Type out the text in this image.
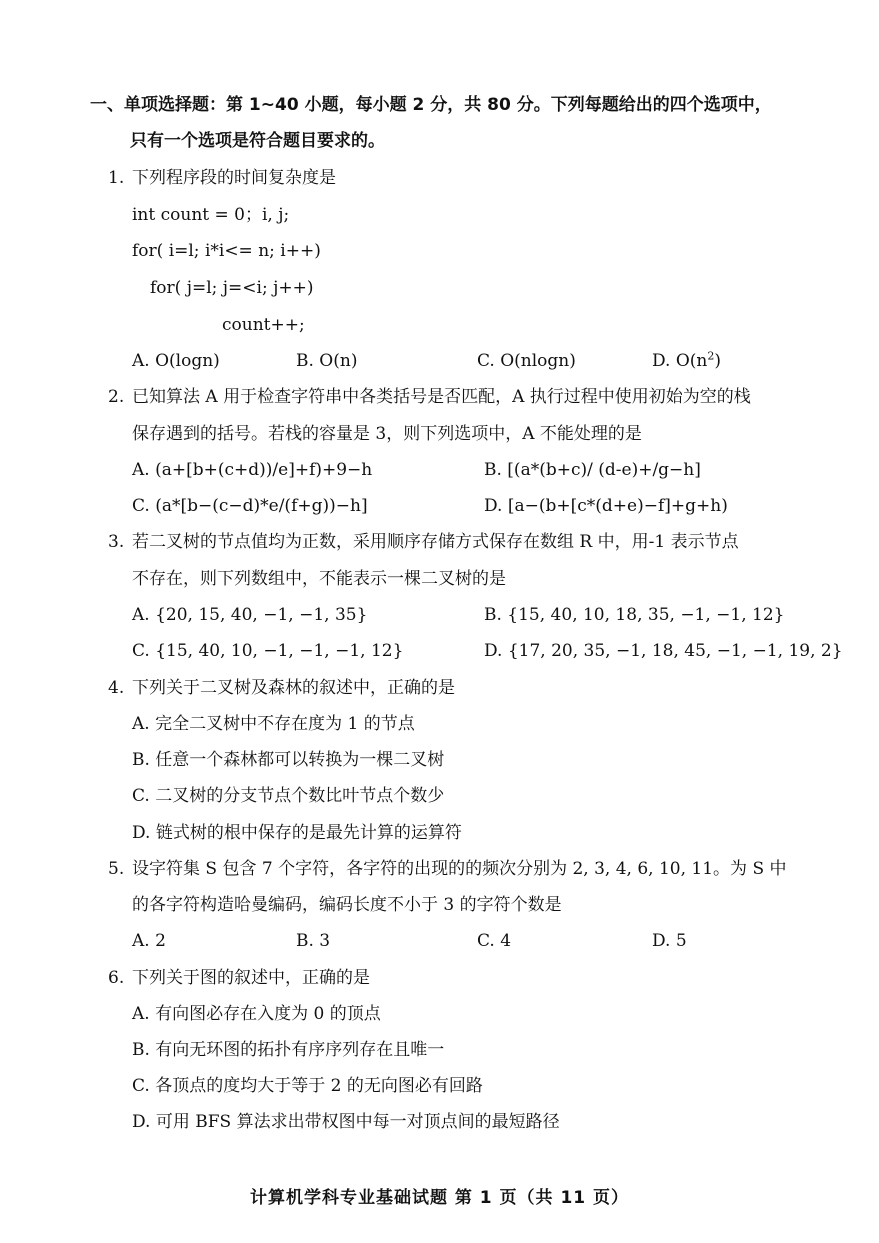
一、单项选择题：第 1~40 小题，每小题 2 分，共 80 分。下列每题给出的四个选项中，
只有一个选项是符合题目要求的。
1. 下列程序段的时间复杂度是
int count = 0；i, j;
for( i=l; i*i<= n; i++)
for( j=l; j=<i; j++)
count++;
A. O(logn)	B. O(n)	C. O(nlogn)	D. $O(n^2)$
2. 已知算法 A 用于检查字符串中各类括号是否匹配，A 执行过程中使用初始为空的栈
保存遇到的括号。若栈的容量是 3，则下列选项中，A 不能处理的是
A. (a+[b+(c+d))/e]+f)+9−h	B. [(a*(b+c)/ (d-e)+/g−h]
C. (a*[b−(c−d)*e/(f+g))−h]	D. [a−(b+[c*(d+e)−f]+g+h)
3. 若二叉树的节点值均为正数，采用顺序存储方式保存在数组 R 中，用-1 表示节点
不存在，则下列数组中，不能表示一棵二叉树的是
A. {20, 15, 40, −1, −1, 35}	B. {15, 40, 10, 18, 35, −1, −1, 12}
C. {15, 40, 10, −1, −1, −1, 12}	D. {17, 20, 35, −1, 18, 45, −1, −1, 19, 2}
4. 下列关于二叉树及森林的叙述中，正确的是
A. 完全二叉树中不存在度为 1 的节点
B. 任意一个森林都可以转换为一棵二叉树
C. 二叉树的分支节点个数比叶节点个数少
D. 链式树的根中保存的是最先计算的运算符
5. 设字符集 S 包含 7 个字符，各字符的出现的的频次分别为 2, 3, 4, 6, 10, 11。为 S 中
的各字符构造哈曼编码，编码长度不小于 3 的字符个数是
A. 2	B. 3	C. 4	D. 5
6. 下列关于图的叙述中，正确的是
A. 有向图必存在入度为 0 的顶点
B. 有向无环图的拓扑有序序列存在且唯一
C. 各顶点的度均大于等于 2 的无向图必有回路
D. 可用 BFS 算法求出带权图中每一对顶点间的最短路径
计算机学科专业基础试题 第 1 页（共 11 页）
